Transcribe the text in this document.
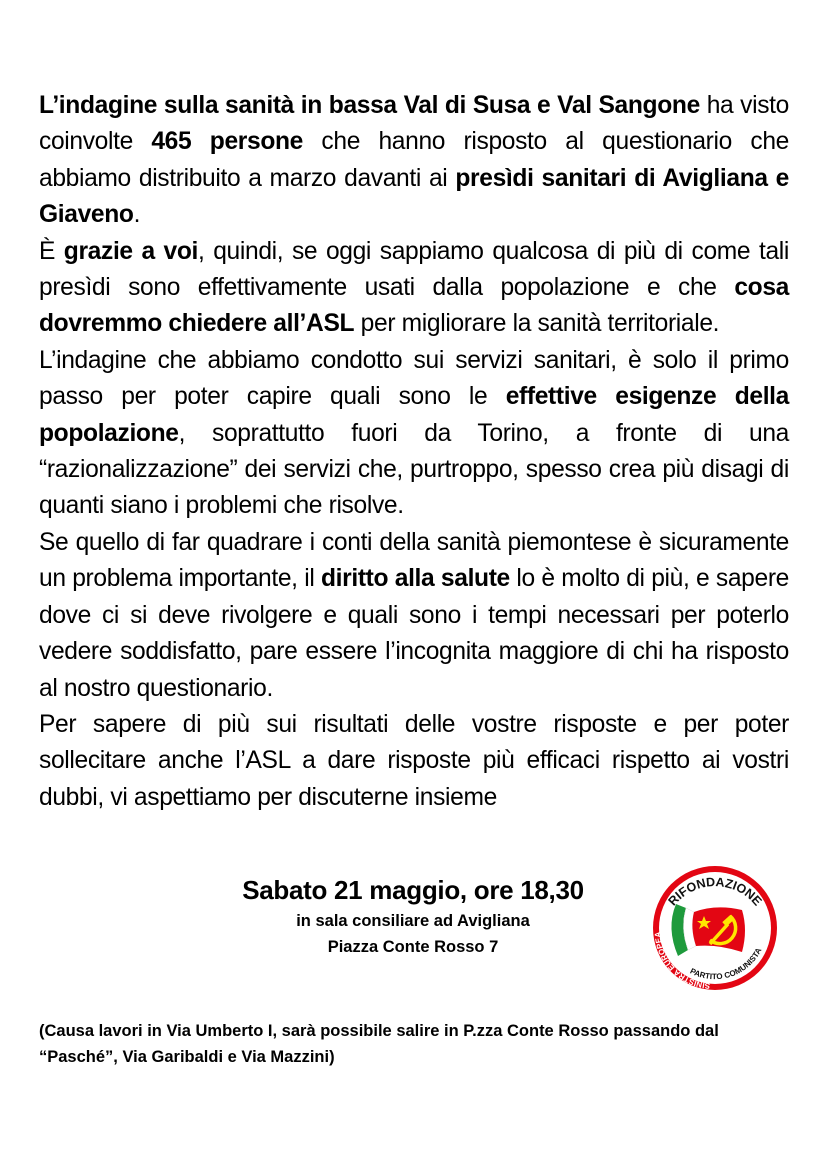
L’indagine sulla sanità in bassa Val di Susa e Val Sangone ha visto coinvolte 465 persone che hanno risposto al questionario che abbiamo distribuito a marzo davanti ai presìdi sanitari di Avigliana e Giaveno.

È grazie a voi, quindi, se oggi sappiamo qualcosa di più di come tali presìdi sono effettivamente usati dalla popolazione e che cosa dovremmo chiedere all’ASL per migliorare la sanità territoriale.

L’indagine che abbiamo condotto sui servizi sanitari, è solo il primo passo per poter capire quali sono le effettive esigenze della popolazione, soprattutto fuori da Torino, a fronte di una “razionalizzazione” dei servizi che, purtroppo, spesso crea più disagi di quanti siano i problemi che risolve.

Se quello di far quadrare i conti della sanità piemontese è sicuramente un problema importante, il diritto alla salute lo è molto di più, e sapere dove ci si deve rivolgere e quali sono i tempi necessari per poterlo vedere soddisfatto, pare essere l’incognita maggiore di chi ha risposto al nostro questionario.

Per sapere di più sui risultati delle vostre risposte e per poter sollecitare anche l’ASL a dare risposte più efficaci rispetto ai vostri dubbi, vi aspettiamo per discuterne insieme

Sabato 21 maggio, ore 18,30
in sala consiliare ad Avigliana
Piazza Conte Rosso 7
RIFONDAZIONE
SINISTRA EUROPEA
PARTITO COMUNISTA
(Causa lavori in Via Umberto I, sarà possibile salire in P.zza Conte Rosso passando dal “Pasché”, Via Garibaldi e Via Mazzini)
